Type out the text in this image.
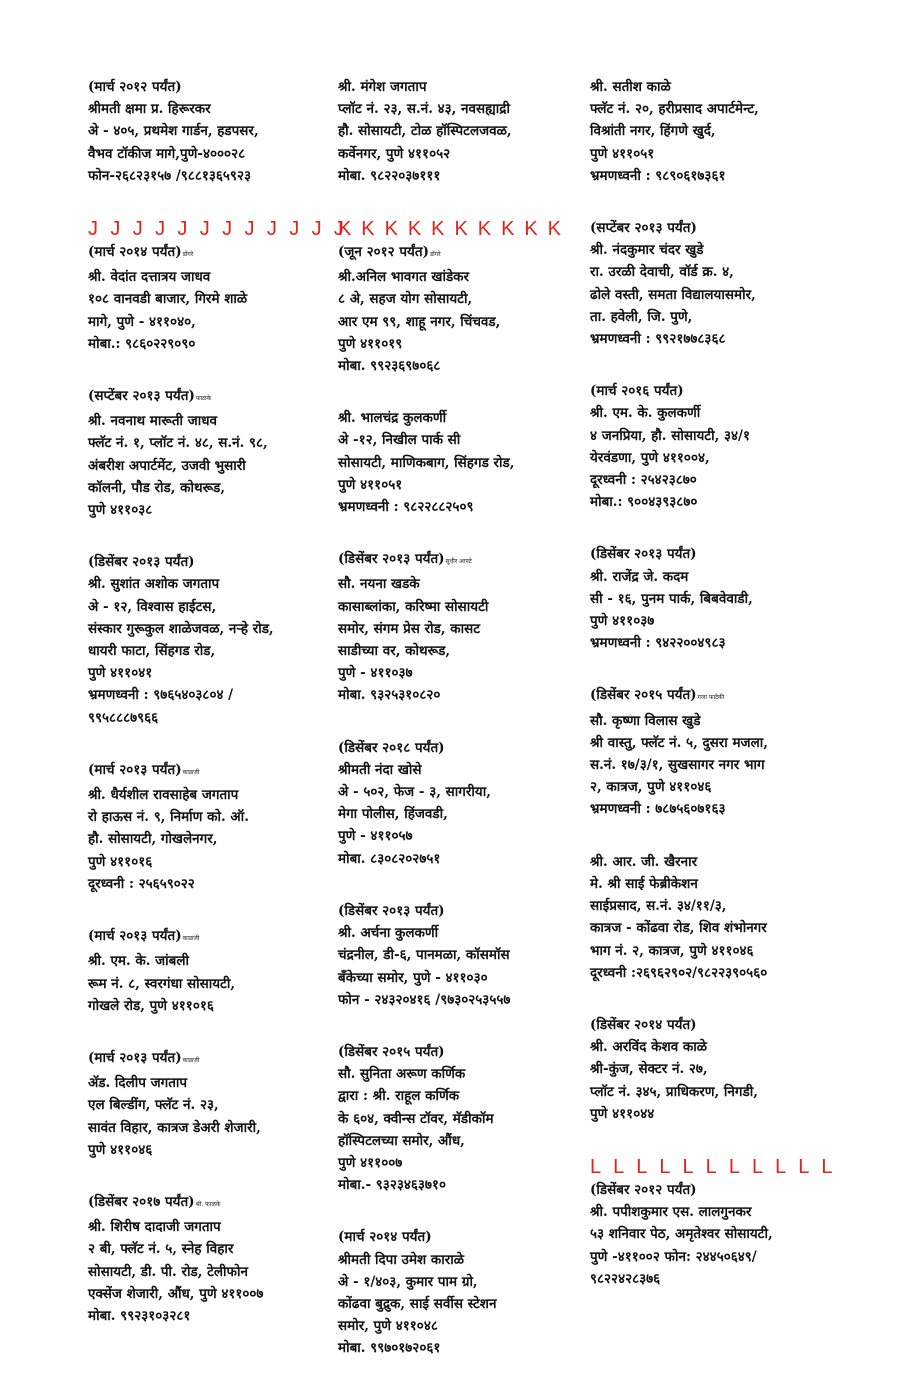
(मार्च २०१२ पर्यंत)
श्रीमती क्षमा प्र. हिरूरकर
अे - ४०५, प्रथमेश गार्डन, हडपसर,
वैभव टॉकीज मागे,पुणे-४०००२८
फोन-२६८२३१५७ /९८८१३६५९२३
J J J J J J J J J J J J
(मार्च २०१४ पर्यंत)डोंगरे
श्री. वेदांत दत्तात्रय जाधव
१०८ वानवडी बाजार, गिरमे शाळे
मागे, पुणे - ४११०४०,
मोबा.: ९८६०२२९०९०
(सप्टेंबर २०१३ पर्यंत)फाळके
श्री. नवनाथ मारूती जाधव
फ्लॅट नं. १, प्लॉट नं. ४८, स.नं. ९८,
अंबरीश अपार्टमेंट, उजवी भुसारी
कॉलनी, पौड रोड, कोथरूड,
पुणे ४११०३८
(डिसेंबर २०१३ पर्यंत)
श्री. सुशांत अशोक जगताप
अे - १२, विश्वास हाईटस,
संस्कार गुरूकुल शाळेजवळ, नऱ्हे रोड,
धायरी फाटा, सिंहगड रोड,
पुणे ४११०४१
भ्रमणध्वनी : ९७६५४०३८०४ /
९९५८८८७९६६
(मार्च २०१३ पर्यंत)काळजी
श्री. धैर्यशील रावसाहेब जगताप
रो हाऊस नं. ९, निर्माण को. ऑ.
हौ. सोसायटी, गोखलेनगर,
पुणे ४११०१६
दूरध्वनी : २५६५९०२२
(मार्च २०१३ पर्यंत)काळजी
श्री. एम. के. जांबली
रूम नं. ८, स्वरगंधा सोसायटी,
गोखले रोड, पुणे ४११०१६
(मार्च २०१३ पर्यंत)काळजी
ॲड. दिलीप जगताप
एल बिल्डींग, फ्लॅट नं. २३,
सावंत विहार, कात्रज डेअरी शेजारी,
पुणे ४११०४६
(डिसेंबर २०१७ पर्यंत)श्री. फाळके
श्री. शिरीष दादाजी जगताप
२ बी, फ्लॅट नं. ५, स्नेह विहार
सोसायटी, डी. पी. रोड, टेलीफोन
एक्सेंज शेजारी, औंध, पुणे ४११००७
मोबा. ९९२३१०३२८१
श्री. मंगेश जगताप
प्लॉट नं. २३, स.नं. ४३, नवसह्याद्री
हौ. सोसायटी, टोळ हॉस्पिटलजवळ,
कर्वेनगर, पुणे ४११०५२
मोबा. ९८२२०३७१११
K K K K K K K K K K
(जून २०१२ पर्यंत)डोंगरे
श्री.अनिल भावगत खांडेकर
८ अे, सहज योग सोसायटी,
आर एम ९९, शाहू नगर, चिंचवड,
पुणे ४११०१९
मोबा. ९९२३६९७०६८
श्री. भालचंद्र कुलकर्णी
अे -१२, निखील पार्क सी
सोसायटी, माणिकबाग, सिंहगड रोड,
पुणे ४११०५१
भ्रमणध्वनी : ९८२२८८२५०९
(डिसेंबर २०१३ पर्यंत)सुधीर आपटे
सौ. नयना खडके
कासाब्लांका, करिष्मा सोसायटी
समोर, संगम प्रेस रोड, कासट
साडीच्या वर, कोथरूड,
पुणे - ४११०३७
मोबा. ९३२५३१०८२०
(डिसेंबर २०१८ पर्यंत)
श्रीमती नंदा खोसे
अे - ५०२, फेज - ३, सागरीया,
मेगा पोलीस, हिंजवडी,
पुणे - ४११०५७
मोबा. ८३०८२०२७५१
(डिसेंबर २०१३ पर्यंत)
श्री. अर्चना कुलकर्णी
चंद्रनील, डी-६, पानमळा, कॉसमॉस
बँकेच्या समोर, पुणे - ४११०३०
फोन - २४३२०४१६ /९७३०२५३५५७
(डिसेंबर २०१५ पर्यंत)
सौ. सुनिता अरूण कर्णिक
द्वारा : श्री. राहूल कर्णिक
के ६०४, क्वीन्स टॉवर, मॅडीकॉम
हॉस्पिटलच्या समोर, औंध,
पुणे ४११००७
मोबा.- ९३२३४६३७१०
(मार्च २०१४ पर्यंत)
श्रीमती दिपा उमेश काराळे
अे - १/४०३, कुमार पाम ग्रो,
कोंढवा बुद्रुक, साई सर्वीस स्टेशन
समोर, पुणे ४११०४८
मोबा. ९९७०१७२०६१
श्री. सतीश काळे
फ्लॅट नं. २०, हरीप्रसाद अपार्टमेन्ट,
विश्रांती नगर, हिंगणे खुर्द,
पुणे ४११०५१
भ्रमणध्वनी : ९८९०६१७३६१
(सप्टेंबर २०१३ पर्यंत)
श्री. नंदकुमार चंदर खुडे
रा. उरळी देवाची, वॉर्ड क्र. ४,
ढोले वस्ती, समता विद्यालयासमोर,
ता. हवेली, जि. पुणे,
भ्रमणध्वनी : ९९२१७७८३६८
(मार्च २०१६ पर्यंत)
श्री. एम. के. कुलकर्णी
४ जनप्रिया, हौ. सोसायटी, ३४/१
येरवंडणा, पुणे ४११००४,
दूरध्वनी : २५४२३८७०
मोबा.: ९००४३९३८७०
(डिसेंबर २०१३ पर्यंत)
श्री. राजेंद्र जे. कदम
सी - १६, पुनम पार्क, बिबवेवाडी,
पुणे ४११०३७
भ्रमणध्वनी : ९४२२००४९८३
(डिसेंबर २०१५ पर्यंत)गजा फाटेकी
सौ. कृष्णा विलास खुडे
श्री वास्तु, फ्लॅट नं. ५, दुसरा मजला,
स.नं. १७/३/१, सुखसागर नगर भाग
२, कात्रज, पुणे ४११०४६
भ्रमणध्वनी : ७८७५६०७१६३
श्री. आर. जी. खैरनार
मे. श्री साई फेब्रीकेशन
साईप्रसाद, स.नं. ३४/११/३,
कात्रज - कोंढवा रोड, शिव शंभोनगर
भाग नं. २, कात्रज, पुणे ४११०४६
दूरध्वनी :२६९६२९०२/९८२२३९०५६०
(डिसेंबर २०१४ पर्यंत)
श्री. अरविंद केशव काळे
श्री-कुंज, सेक्टर नं. २७,
प्लॉट नं. ३४५, प्राधिकरण, निगडी,
पुणे ४११०४४
L L L L L L L L L L L
(डिसेंबर २०१२ पर्यंत)
श्री. पपीशकुमार एस. लालगुनकर
५३ शनिवार पेठ, अमृतेश्वर सोसायटी,
पुणे -४११००२ फोन: २४४५०६४९/
९८२२४२८३७६
